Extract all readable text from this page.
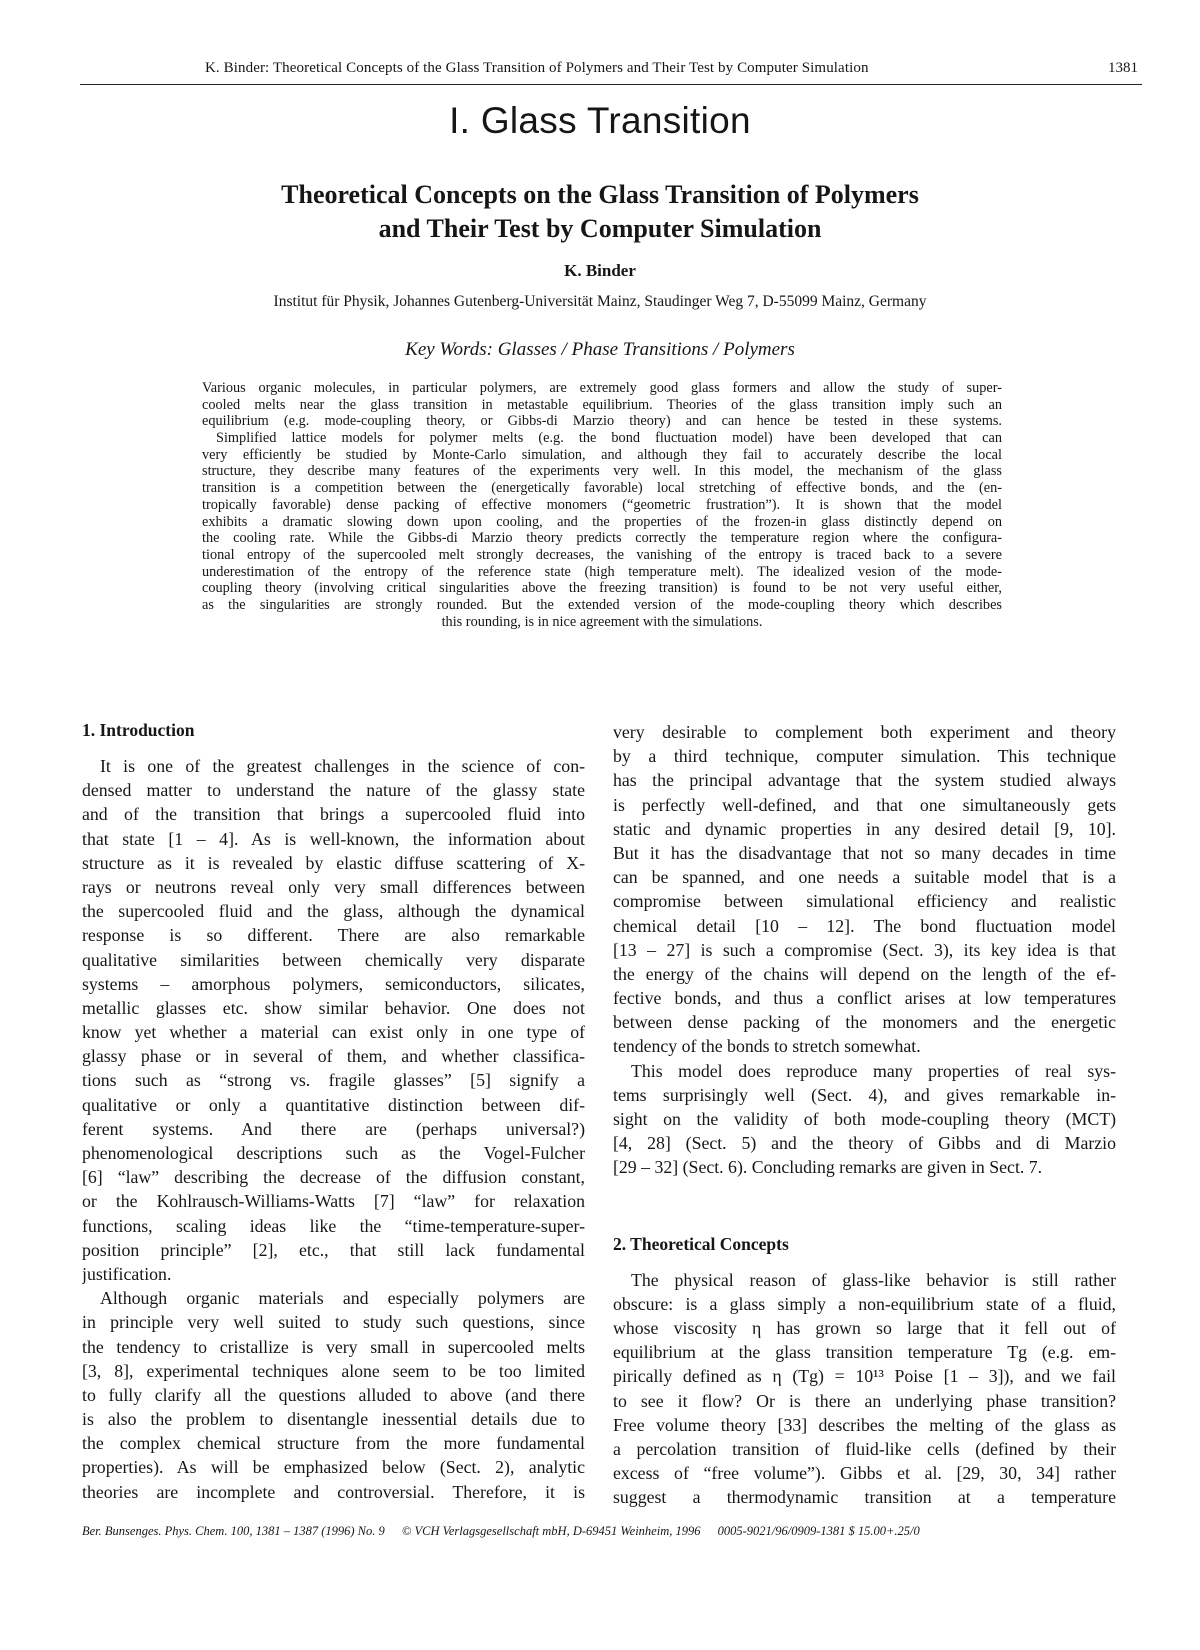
K. Binder: Theoretical Concepts of the Glass Transition of Polymers and Their Test by Computer Simulation	1381
I. Glass Transition
Theoretical Concepts on the Glass Transition of Polymers
and Their Test by Computer Simulation
K. Binder
Institut für Physik, Johannes Gutenberg-Universität Mainz, Staudinger Weg 7, D-55099 Mainz, Germany
Key Words: Glasses / Phase Transitions / Polymers
Various organic molecules, in particular polymers, are extremely good glass formers and allow the study of super-
cooled melts near the glass transition in metastable equilibrium. Theories of the glass transition imply such an
equilibrium (e.g. mode-coupling theory, or Gibbs-di Marzio theory) and can hence be tested in these systems.
Simplified lattice models for polymer melts (e.g. the bond fluctuation model) have been developed that can
very efficiently be studied by Monte-Carlo simulation, and although they fail to accurately describe the local
structure, they describe many features of the experiments very well. In this model, the mechanism of the glass
transition is a competition between the (energetically favorable) local stretching of effective bonds, and the (en-
tropically favorable) dense packing of effective monomers (“geometric frustration”). It is shown that the model
exhibits a dramatic slowing down upon cooling, and the properties of the frozen-in glass distinctly depend on
the cooling rate. While the Gibbs-di Marzio theory predicts correctly the temperature region where the configura-
tional entropy of the supercooled melt strongly decreases, the vanishing of the entropy is traced back to a severe
underestimation of the entropy of the reference state (high temperature melt). The idealized vesion of the mode-
coupling theory (involving critical singularities above the freezing transition) is found to be not very useful either,
as the singularities are strongly rounded. But the extended version of the mode-coupling theory which describes
this rounding, is in nice agreement with the simulations.
1. Introduction
It is one of the greatest challenges in the science of con-
densed matter to understand the nature of the glassy state
and of the transition that brings a supercooled fluid into
that state [1 – 4]. As is well-known, the information about
structure as it is revealed by elastic diffuse scattering of X-
rays or neutrons reveal only very small differences between
the supercooled fluid and the glass, although the dynamical
response is so different. There are also remarkable
qualitative similarities between chemically very disparate
systems – amorphous polymers, semiconductors, silicates,
metallic glasses etc. show similar behavior. One does not
know yet whether a material can exist only in one type of
glassy phase or in several of them, and whether classifica-
tions such as “strong vs. fragile glasses” [5] signify a
qualitative or only a quantitative distinction between dif-
ferent systems. And there are (perhaps universal?)
phenomenological descriptions such as the Vogel-Fulcher
[6] “law” describing the decrease of the diffusion constant,
or the Kohlrausch-Williams-Watts [7] “law” for relaxation
functions, scaling ideas like the “time-temperature-super-
position principle” [2], etc., that still lack fundamental
justification.
Although organic materials and especially polymers are
in principle very well suited to study such questions, since
the tendency to cristallize is very small in supercooled melts
[3, 8], experimental techniques alone seem to be too limited
to fully clarify all the questions alluded to above (and there
is also the problem to disentangle inessential details due to
the complex chemical structure from the more fundamental
properties). As will be emphasized below (Sect. 2), analytic
theories are incomplete and controversial. Therefore, it is
very desirable to complement both experiment and theory
by a third technique, computer simulation. This technique
has the principal advantage that the system studied always
is perfectly well-defined, and that one simultaneously gets
static and dynamic properties in any desired detail [9, 10].
But it has the disadvantage that not so many decades in time
can be spanned, and one needs a suitable model that is a
compromise between simulational efficiency and realistic
chemical detail [10 – 12]. The bond fluctuation model
[13 – 27] is such a compromise (Sect. 3), its key idea is that
the energy of the chains will depend on the length of the ef-
fective bonds, and thus a conflict arises at low temperatures
between dense packing of the monomers and the energetic
tendency of the bonds to stretch somewhat.
This model does reproduce many properties of real sys-
tems surprisingly well (Sect. 4), and gives remarkable in-
sight on the validity of both mode-coupling theory (MCT)
[4, 28] (Sect. 5) and the theory of Gibbs and di Marzio
[29 – 32] (Sect. 6). Concluding remarks are given in Sect. 7.
2. Theoretical Concepts
The physical reason of glass-like behavior is still rather
obscure: is a glass simply a non-equilibrium state of a fluid,
whose viscosity η has grown so large that it fell out of
equilibrium at the glass transition temperature Tg (e.g. em-
pirically defined as η (Tg) = 10¹³ Poise [1 – 3]), and we fail
to see it flow? Or is there an underlying phase transition?
Free volume theory [33] describes the melting of the glass as
a percolation transition of fluid-like cells (defined by their
excess of “free volume”). Gibbs et al. [29, 30, 34] rather
suggest a thermodynamic transition at a temperature
Ber. Bunsenges. Phys. Chem. 100, 1381 – 1387 (1996) No. 9 © VCH Verlagsgesellschaft mbH, D-69451 Weinheim, 1996 0005-9021/96/0909-1381 $ 15.00+.25/0
